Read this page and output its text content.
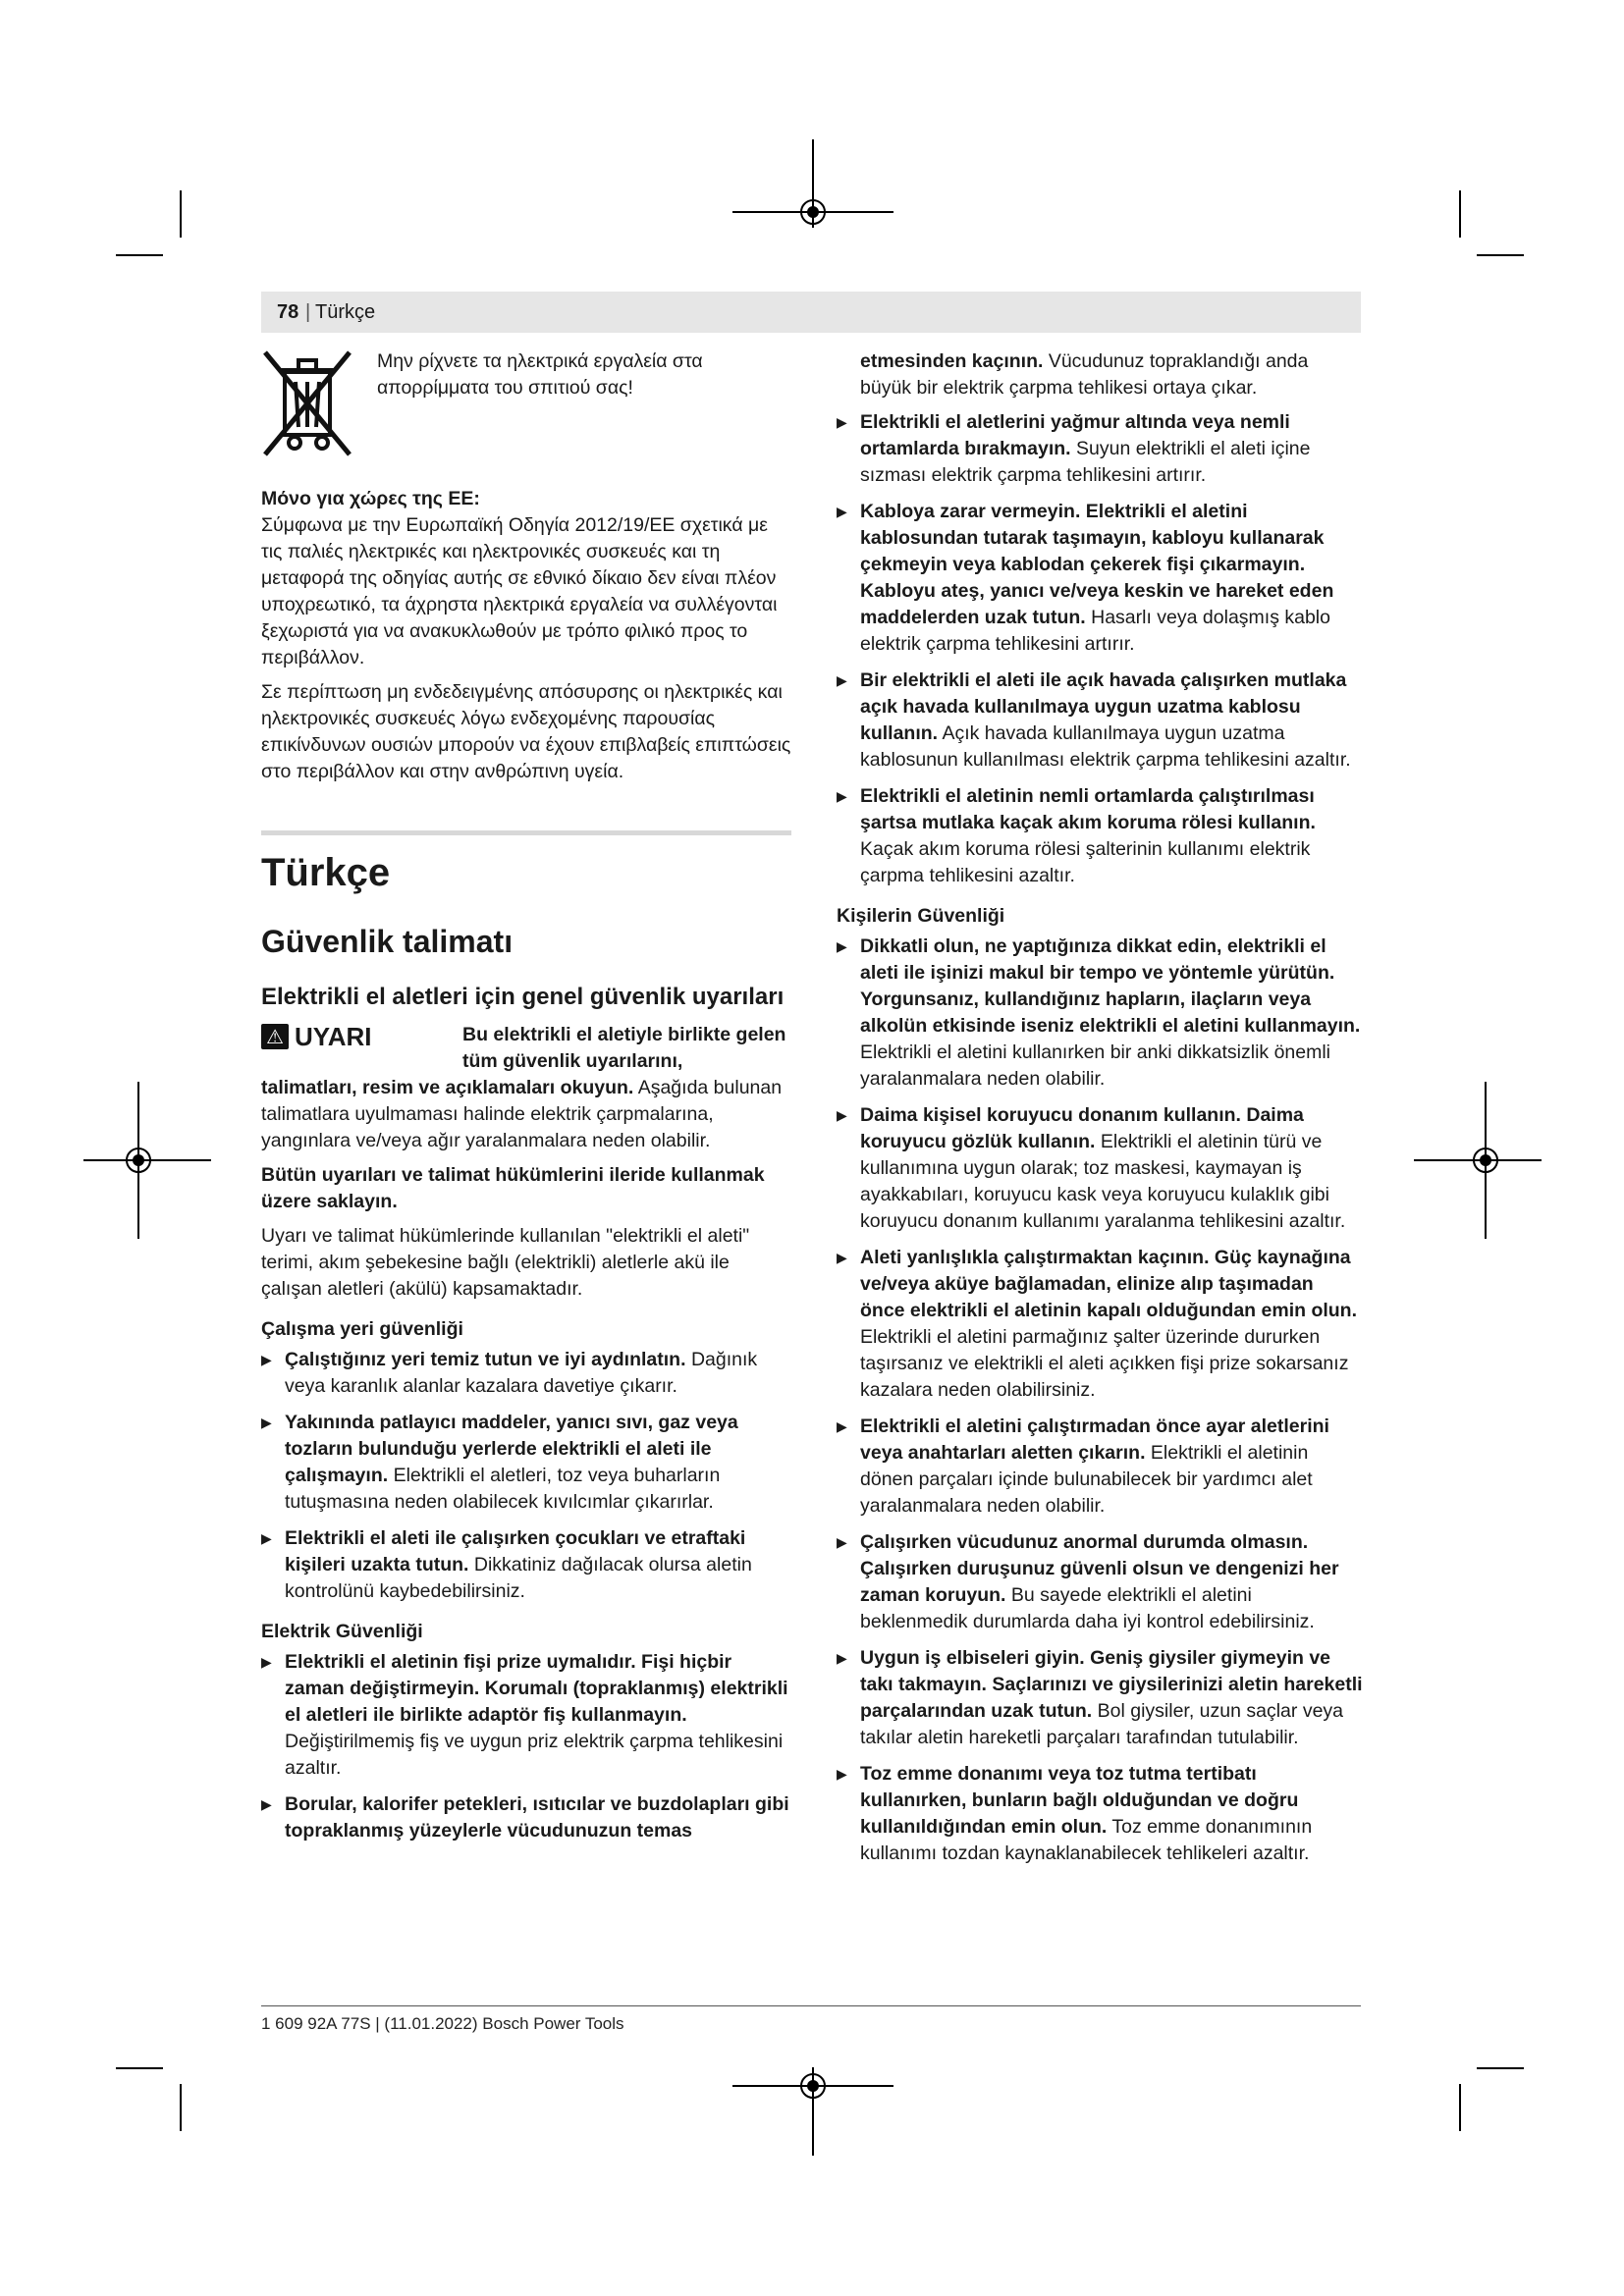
78 | Türkçe
Μην ρίχνετε τα ηλεκτρικά εργαλεία στα απορρίμματα του σπιτιού σας!
Μόνο για χώρες της ΕΕ:
Σύμφωνα με την Ευρωπαϊκή Οδηγία 2012/19/ΕΕ σχετικά με τις παλιές ηλεκτρικές και ηλεκτρονικές συσκευές και τη μεταφορά της οδηγίας αυτής σε εθνικό δίκαιο δεν είναι πλέον υποχρεωτικό, τα άχρηστα ηλεκτρικά εργαλεία να συλλέγονται ξεχωριστά για να ανακυκλωθούν με τρόπο φιλικό προς το περιβάλλον.
Σε περίπτωση μη ενδεδειγμένης απόσυρσης οι ηλεκτρικές και ηλεκτρονικές συσκευές λόγω ενδεχομένης παρουσίας επικίνδυνων ουσιών μπορούν να έχουν επιβλαβείς επιπτώσεις στο περιβάλλον και στην ανθρώπινη υγεία.
Türkçe
Güvenlik talimatı
Elektrikli el aletleri için genel güvenlik uyarıları
⚠ UYARI	Bu elektrikli el aletiyle birlikte gelen tüm güvenlik uyarılarını,
talimatları, resim ve açıklamaları okuyun. Aşağıda bulunan talimatlara uyulmaması halinde elektrik çarpmalarına, yangınlara ve/veya ağır yaralanmalara neden olabilir.
Bütün uyarıları ve talimat hükümlerini ileride kullanmak üzere saklayın.
Uyarı ve talimat hükümlerinde kullanılan "elektrikli el aleti" terimi, akım şebekesine bağlı (elektrikli) aletlerle akü ile çalışan aletleri (akülü) kapsamaktadır.
Çalışma yeri güvenliği
▶ Çalıştığınız yeri temiz tutun ve iyi aydınlatın. Dağınık veya karanlık alanlar kazalara davetiye çıkarır.
▶ Yakınında patlayıcı maddeler, yanıcı sıvı, gaz veya tozların bulunduğu yerlerde elektrikli el aleti ile çalışmayın. Elektrikli el aletleri, toz veya buharların tutuşmasına neden olabilecek kıvılcımlar çıkarırlar.
▶ Elektrikli el aleti ile çalışırken çocukları ve etraftaki kişileri uzakta tutun. Dikkatiniz dağılacak olursa aletin kontrolünü kaybedebilirsiniz.
Elektrik Güvenliği
▶ Elektrikli el aletinin fişi prize uymalıdır. Fişi hiçbir zaman değiştirmeyin. Korumalı (topraklanmış) elektrikli el aletleri ile birlikte adaptör fiş kullanmayın. Değiştirilmemiş fiş ve uygun priz elektrik çarpma tehlikesini azaltır.
▶ Borular, kalorifer petekleri, ısıtıcılar ve buzdolapları gibi topraklanmış yüzeylerle vücudunuzun temas
etmesinden kaçının. Vücudunuz topraklandığı anda büyük bir elektrik çarpma tehlikesi ortaya çıkar.
▶ Elektrikli el aletlerini yağmur altında veya nemli ortamlarda bırakmayın. Suyun elektrikli el aleti içine sızması elektrik çarpma tehlikesini artırır.
▶ Kabloya zarar vermeyin. Elektrikli el aletini kablosundan tutarak taşımayın, kabloyu kullanarak çekmeyin veya kablodan çekerek fişi çıkarmayın. Kabloyu ateş, yanıcı ve/veya keskin ve hareket eden maddelerden uzak tutun. Hasarlı veya dolaşmış kablo elektrik çarpma tehlikesini artırır.
▶ Bir elektrikli el aleti ile açık havada çalışırken mutlaka açık havada kullanılmaya uygun uzatma kablosu kullanın. Açık havada kullanılmaya uygun uzatma kablosunun kullanılması elektrik çarpma tehlikesini azaltır.
▶ Elektrikli el aletinin nemli ortamlarda çalıştırılması şartsa mutlaka kaçak akım koruma rölesi kullanın. Kaçak akım koruma rölesi şalterinin kullanımı elektrik çarpma tehlikesini azaltır.
Kişilerin Güvenliği
▶ Dikkatli olun, ne yaptığınıza dikkat edin, elektrikli el aleti ile işinizi makul bir tempo ve yöntemle yürütün. Yorgunsanız, kullandığınız hapların, ilaçların veya alkolün etkisinde iseniz elektrikli el aletini kullanmayın. Elektrikli el aletini kullanırken bir anki dikkatsizlik önemli yaralanmalara neden olabilir.
▶ Daima kişisel koruyucu donanım kullanın. Daima koruyucu gözlük kullanın. Elektrikli el aletinin türü ve kullanımına uygun olarak; toz maskesi, kaymayan iş ayakkabıları, koruyucu kask veya koruyucu kulaklık gibi koruyucu donanım kullanımı yaralanma tehlikesini azaltır.
▶ Aleti yanlışlıkla çalıştırmaktan kaçının. Güç kaynağına ve/veya aküye bağlamadan, elinize alıp taşımadan önce elektrikli el aletinin kapalı olduğundan emin olun. Elektrikli el aletini parmağınız şalter üzerinde dururken taşırsanız ve elektrikli el aleti açıkken fişi prize sokarsanız kazalara neden olabilirsiniz.
▶ Elektrikli el aletini çalıştırmadan önce ayar aletlerini veya anahtarları aletten çıkarın. Elektrikli el aletinin dönen parçaları içinde bulunabilecek bir yardımcı alet yaralanmalara neden olabilir.
▶ Çalışırken vücudunuz anormal durumda olmasın. Çalışırken duruşunuz güvenli olsun ve dengenizi her zaman koruyun. Bu sayede elektrikli el aletini beklenmedik durumlarda daha iyi kontrol edebilirsiniz.
▶ Uygun iş elbiseleri giyin. Geniş giysiler giymeyin ve takı takmayın. Saçlarınızı ve giysilerinizi aletin hareketli parçalarından uzak tutun. Bol giysiler, uzun saçlar veya takılar aletin hareketli parçaları tarafından tutulabilir.
▶ Toz emme donanımı veya toz tutma tertibatı kullanırken, bunların bağlı olduğundan ve doğru kullanıldığından emin olun. Toz emme donanımının kullanımı tozdan kaynaklanabilecek tehlikeleri azaltır.
1 609 92A 77S | (11.01.2022) Bosch Power Tools
